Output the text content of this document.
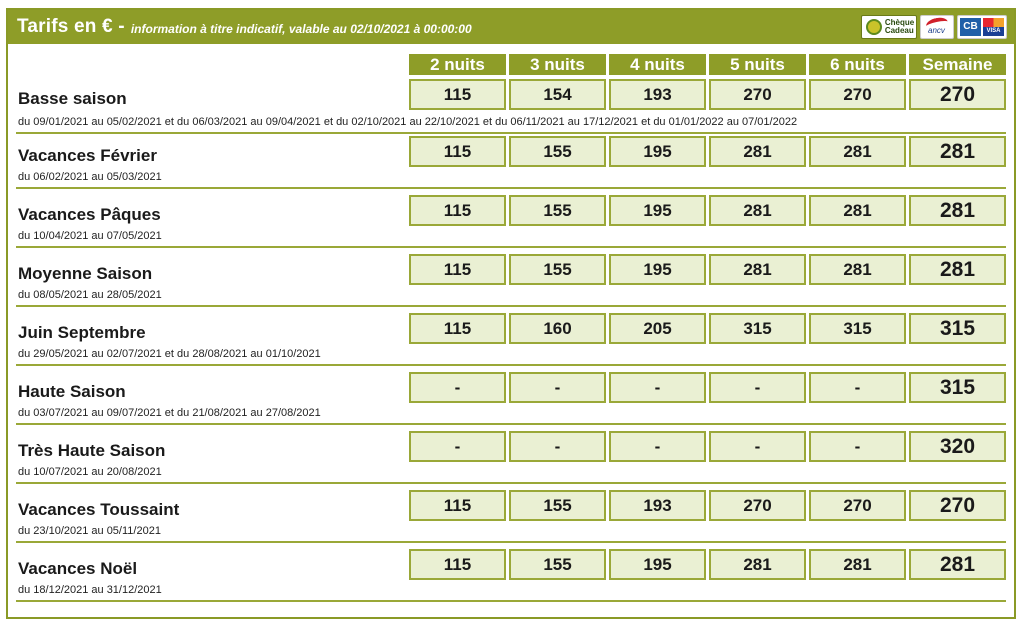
Tarifs en € - information à titre indicatif, valable au 02/10/2021 à 00:00:00	Chèque
Cadeau ancv	CB	VISA
2 nuits	3 nuits	4 nuits	5 nuits	6 nuits	Semaine
Basse saison
du 09/01/2021 au 05/02/2021 et du 06/03/2021 au 09/04/2021 et du 02/10/2021 au 22/10/2021 et du 06/11/2021 au 17/12/2021 et du 01/01/2022 au 07/01/2022
115	154	193	270	270	270
Vacances Février
du 06/02/2021 au 05/03/2021
115	155	195	281	281	281
Vacances Pâques
du 10/04/2021 au 07/05/2021
115	155	195	281	281	281
Moyenne Saison
du 08/05/2021 au 28/05/2021
115	155	195	281	281	281
Juin Septembre
du 29/05/2021 au 02/07/2021 et du 28/08/2021 au 01/10/2021
115	160	205	315	315	315
Haute Saison
du 03/07/2021 au 09/07/2021 et du 21/08/2021 au 27/08/2021
-	-	-	-	-	315
Très Haute Saison
du 10/07/2021 au 20/08/2021
-	-	-	-	-	320
Vacances Toussaint
du 23/10/2021 au 05/11/2021
115	155	193	270	270	270
Vacances Noël
du 18/12/2021 au 31/12/2021
115	155	195	281	281	281
